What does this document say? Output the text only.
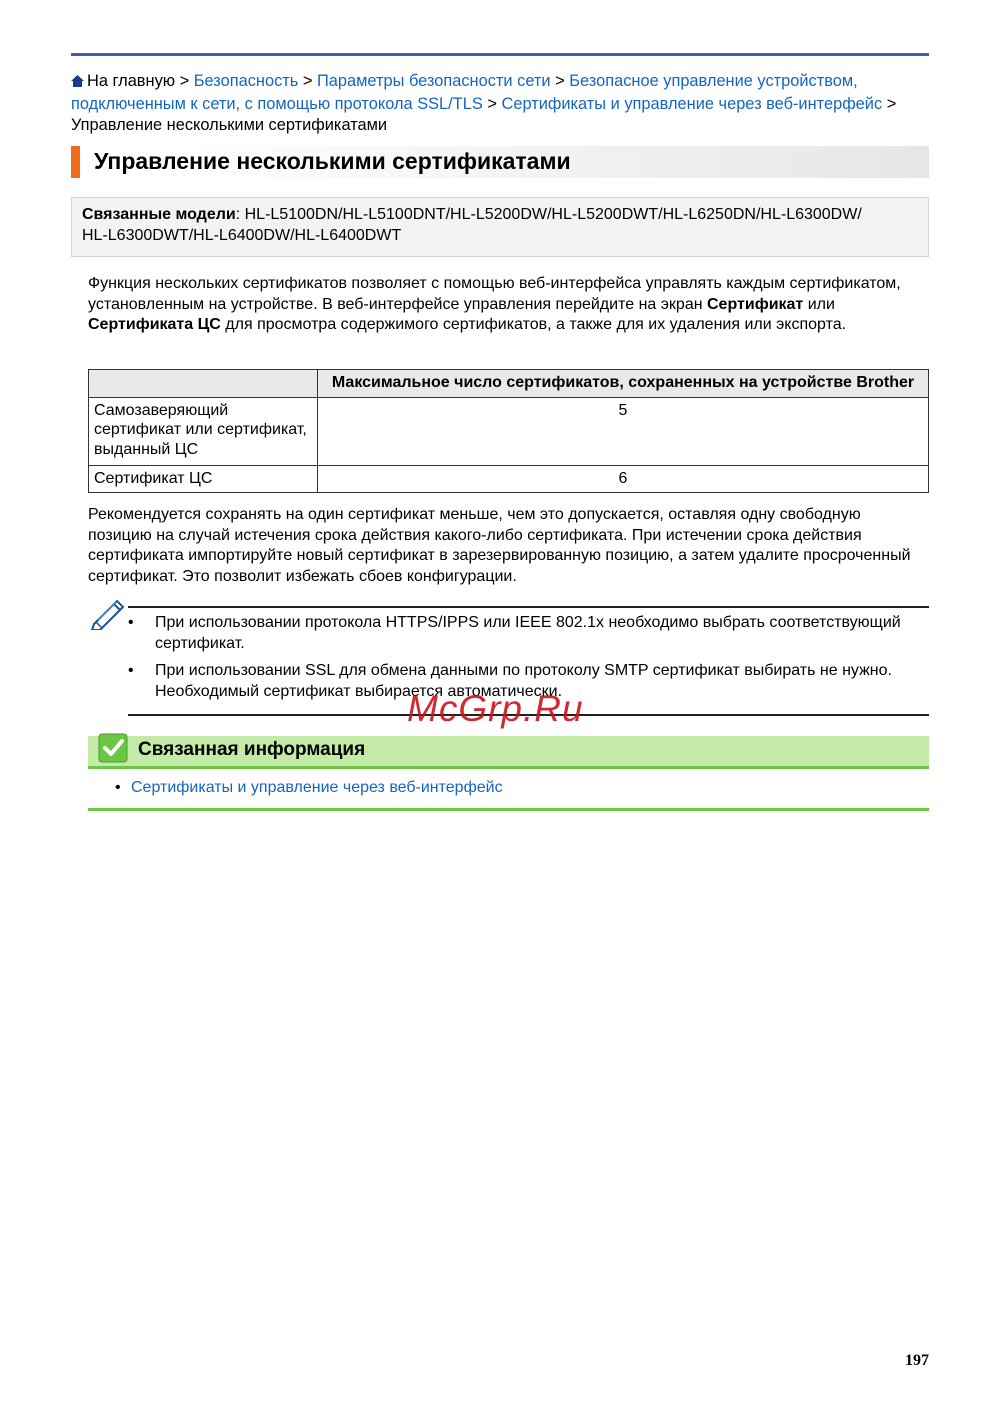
На главную > Безопасность > Параметры безопасности сети > Безопасное управление устройством, подключенным к сети, с помощью протокола SSL/TLS > Сертификаты и управление через веб-интерфейс > Управление несколькими сертификатами
Управление несколькими сертификатами
Связанные модели: HL-L5100DN/HL-L5100DNT/HL-L5200DW/HL-L5200DWT/HL-L6250DN/HL-L6300DW/
HL-L6300DWT/HL-L6400DW/HL-L6400DWT
Функция нескольких сертификатов позволяет с помощью веб-интерфейса управлять каждым сертификатом, установленным на устройстве. В веб-интерфейсе управления перейдите на экран Сертификат или Сертификата ЦС для просмотра содержимого сертификатов, а также для их удаления или экспорта.
	Максимальное число сертификатов, сохраненных на устройстве Brother
Самозаверяющий сертификат или сертификат, выданный ЦС	5
Сертификат ЦС	6
Рекомендуется сохранять на один сертификат меньше, чем это допускается, оставляя одну свободную позицию на случай истечения срока действия какого-либо сертификата. При истечении срока действия сертификата импортируйте новый сертификат в зарезервированную позицию, а затем удалите просроченный сертификат. Это позволит избежать сбоев конфигурации.
• При использовании протокола HTTPS/IPPS или IEEE 802.1x необходимо выбрать соответствующий сертификат.
• При использовании SSL для обмена данными по протоколу SMTP сертификат выбирать не нужно. Необходимый сертификат выбирается автоматически.
McGrp.Ru
Связанная информация
• Сертификаты и управление через веб-интерфейс
197
